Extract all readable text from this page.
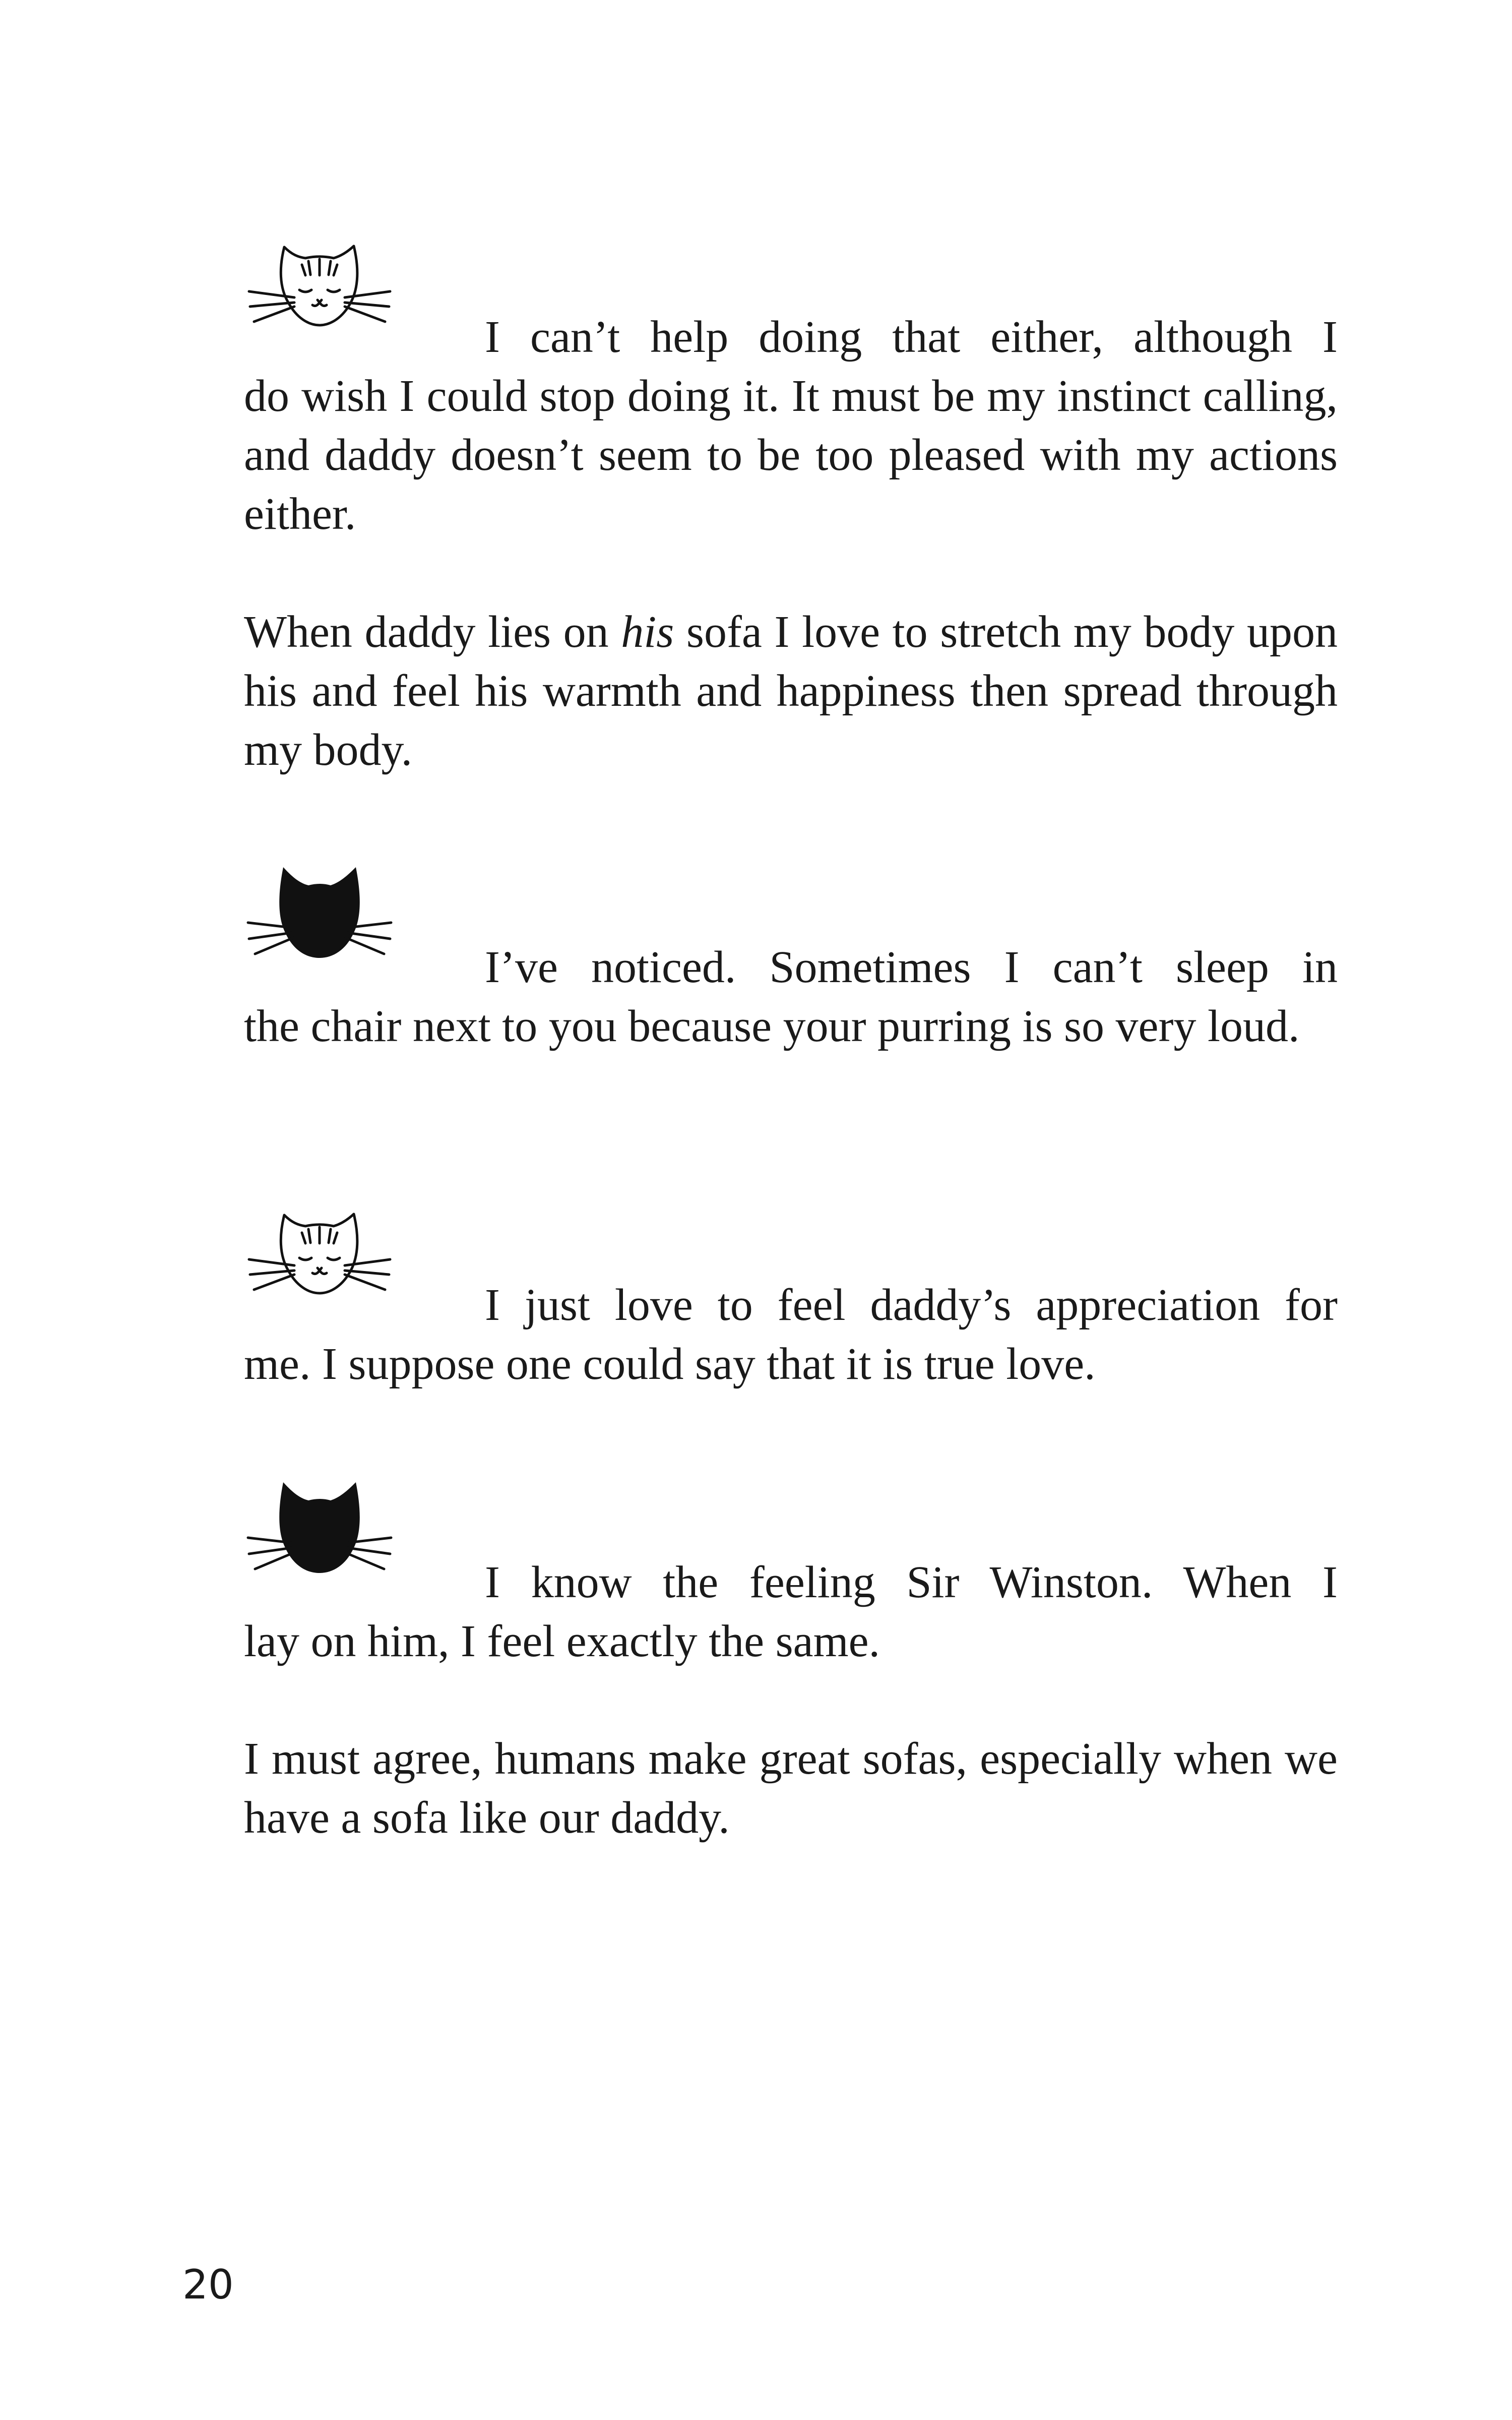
I can’t help doing that either, although I
do wish I could stop doing it. It must be my instinct calling, and daddy doesn’t seem to be too pleased with my actions either.

When daddy lies on his sofa I love to stretch my body upon his and feel his warmth and happiness then spread through my body.

I’ve noticed. Sometimes I can’t sleep in
the chair next to you because your purring is so very loud.
I just love to feel daddy’s appreciation for
me. I suppose one could say that it is true love.
I know the feeling Sir Winston. When I
lay on him, I feel exactly the same.

I must agree, humans make great sofas, especially when we have a sofa like our daddy.

20
